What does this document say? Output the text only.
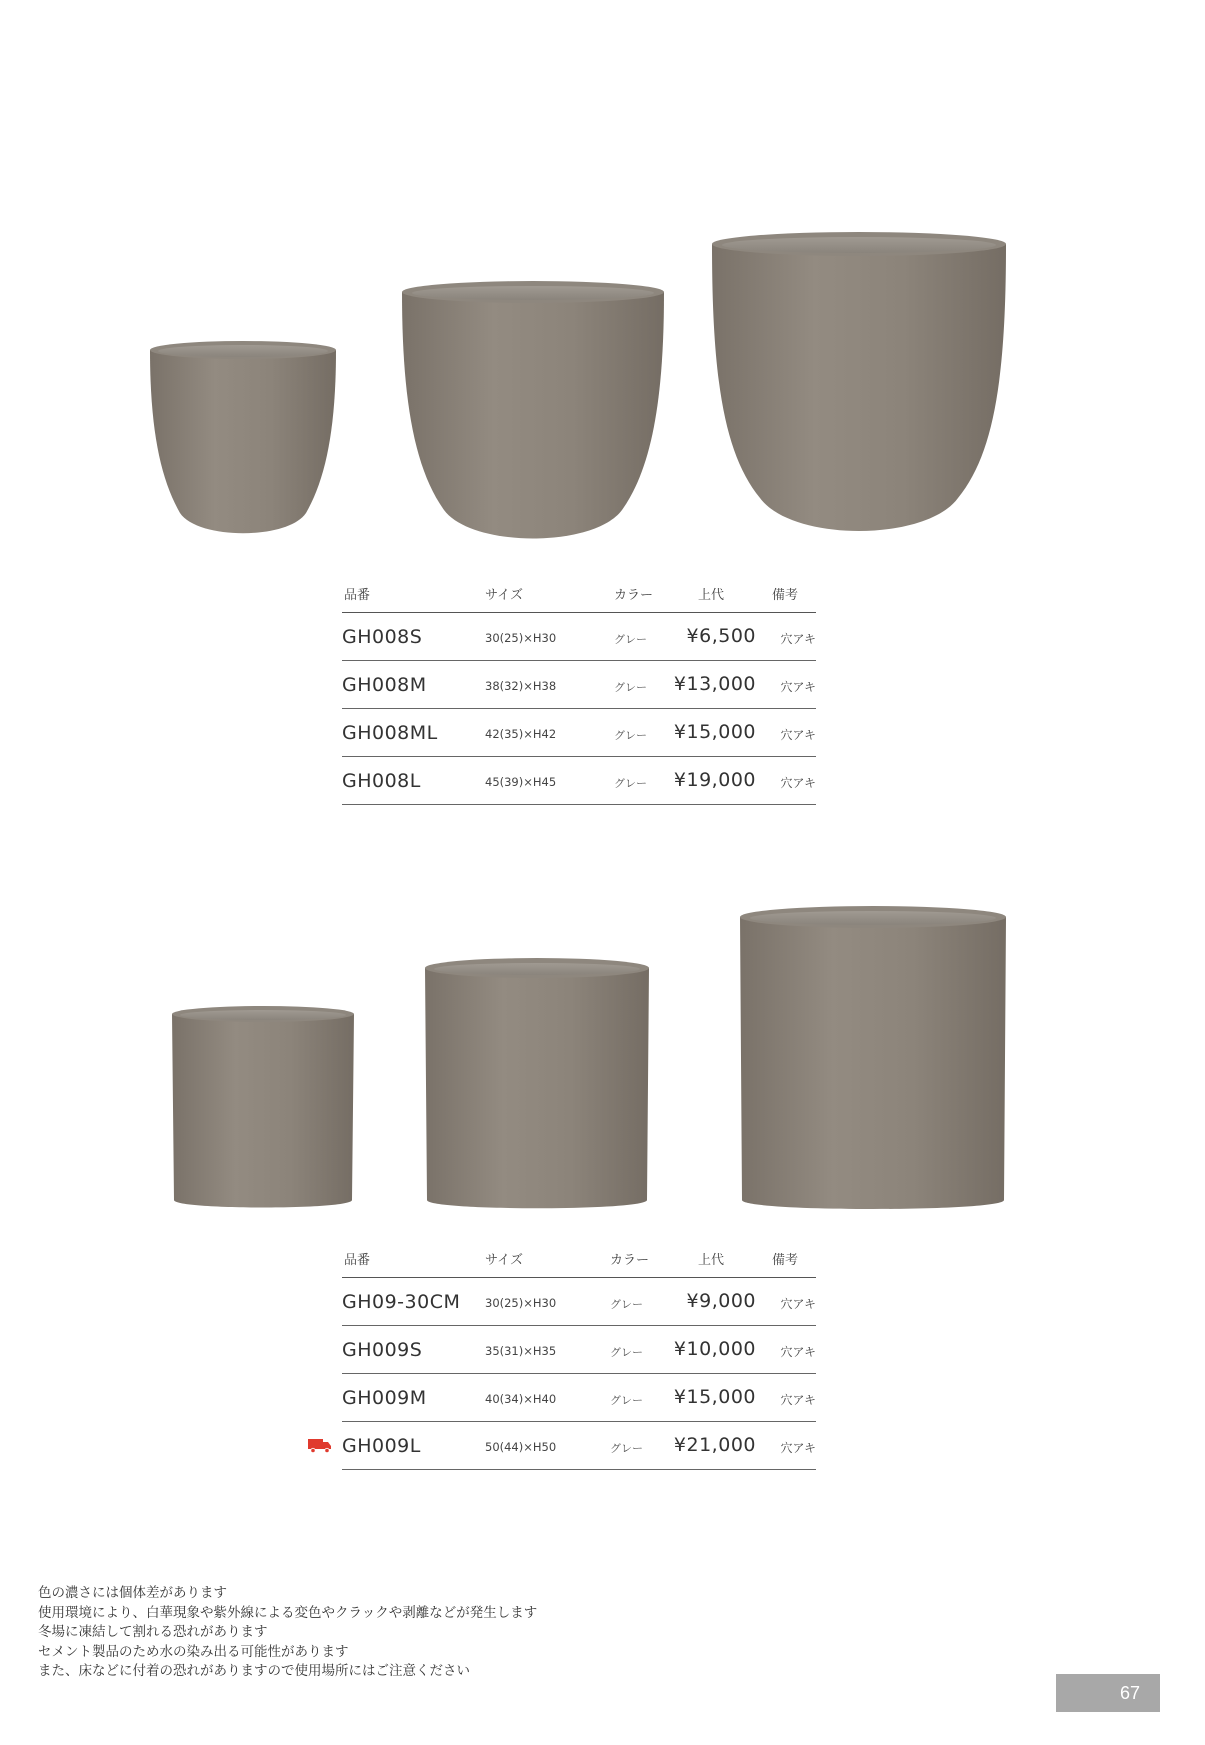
品番	サイズ	カラー	上代	備考
GH008S	30(25)×H30	グレー ¥6,500 穴アキ
GH008M	38(32)×H38	グレー ¥13,000 穴アキ
GH008ML	42(35)×H42	グレー ¥15,000 穴アキ
GH008L	45(39)×H45	グレー ¥19,000 穴アキ
品番	サイズ	カラー	上代	備考
GH09-30CM 30(25)×H30	グレー ¥9,000 穴アキ
GH009S	35(31)×H35	グレー ¥10,000 穴アキ
GH009M	40(34)×H40	グレー ¥15,000 穴アキ
GH009L	50(44)×H50	グレー ¥21,000 穴アキ
色の濃さには個体差があります
使用環境により、白華現象や紫外線による変色やクラックや剥離などが発生します
冬場に凍結して割れる恐れがあります
セメント製品のため水の染み出る可能性があります
また、床などに付着の恐れがありますので使用場所にはご注意ください
67
